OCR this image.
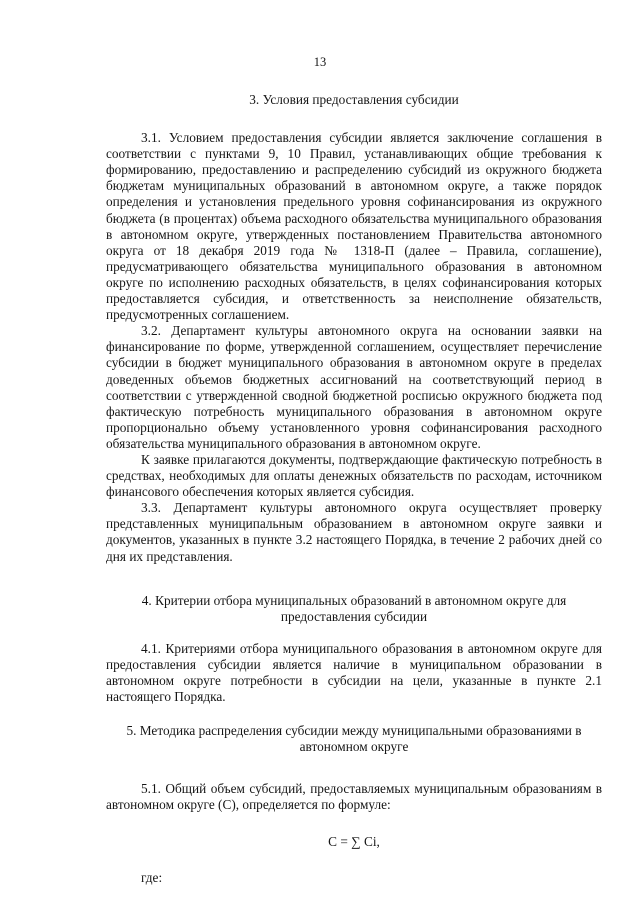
13
3. Условия предоставления субсидии

3.1. Условием предоставления субсидии является заключение соглашения в соответствии с пунктами 9, 10 Правил, устанавливающих общие требования к формированию, предоставлению и распределению субсидий из окружного бюджета бюджетам муниципальных образований в автономном округе, а также порядок определения и установления предельного уровня софинансирования из окружного бюджета (в процентах) объема расходного обязательства муниципального образования в автономном округе, утвержденных постановлением Правительства автономного округа от 18 декабря 2019 года № 1318-П (далее – Правила, соглашение), предусматривающего обязательства муниципального образования в автономном округе по исполнению расходных обязательств, в целях софинансирования которых предоставляется субсидия, и ответственность за неисполнение обязательств, предусмотренных соглашением.

3.2. Департамент культуры автономного округа на основании заявки на финансирование по форме, утвержденной соглашением, осуществляет перечисление субсидии в бюджет муниципального образования в автономном округе в пределах доведенных объемов бюджетных ассигнований на соответствующий период в соответствии с утвержденной сводной бюджетной росписью окружного бюджета под фактическую потребность муниципального образования в автономном округе пропорционально объему установленного уровня софинансирования расходного обязательства муниципального образования в автономном округе.

К заявке прилагаются документы, подтверждающие фактическую потребность в средствах, необходимых для оплаты денежных обязательств по расходам, источником финансового обеспечения которых является субсидия.

3.3. Департамент культуры автономного округа осуществляет проверку представленных муниципальным образованием в автономном округе заявки и документов, указанных в пункте 3.2 настоящего Порядка, в течение 2 рабочих дней со дня их представления.

4. Критерии отбора муниципальных образований в автономном округе для предоставления субсидии

4.1. Критериями отбора муниципального образования в автономном округе для предоставления субсидии является наличие в муниципальном образовании в автономном округе потребности в субсидии на цели, указанные в пункте 2.1 настоящего Порядка.

5. Методика распределения субсидии между муниципальными образованиями в автономном округе

5.1. Общий объем субсидий, предоставляемых муниципальным образованиям в автономном округе (С), определяется по формуле:

С = ∑ Сi,

где:
